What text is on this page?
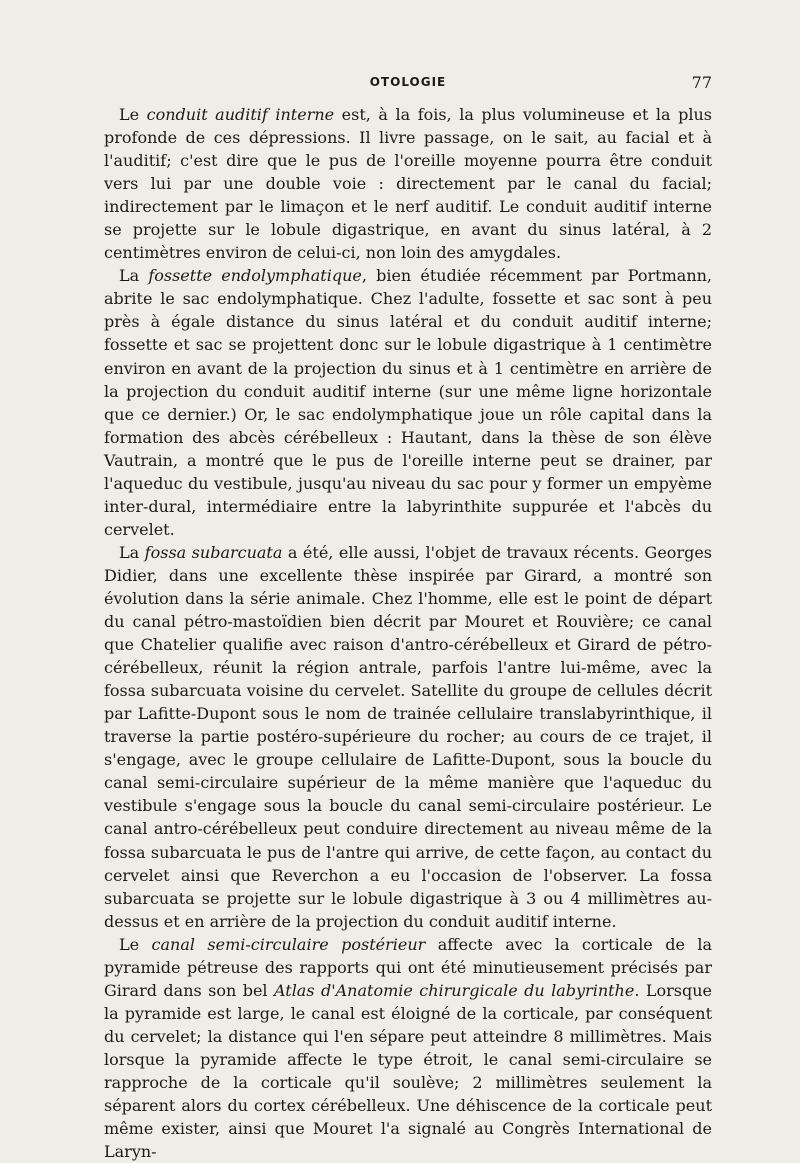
OTOLOGIE	77

Le conduit auditif interne est, à la fois, la plus volumineuse et la plus profonde de ces dépressions. Il livre passage, on le sait, au facial et à l'auditif; c'est dire que le pus de l'oreille moyenne pourra être conduit vers lui par une double voie : directement par le canal du facial; indirectement par le limaçon et le nerf auditif. Le conduit auditif interne se projette sur le lobule digastrique, en avant du sinus latéral, à 2 centimètres environ de celui-ci, non loin des amygdales.

La fossette endolymphatique, bien étudiée récemment par Portmann, abrite le sac endolymphatique. Chez l'adulte, fossette et sac sont à peu près à égale distance du sinus latéral et du conduit auditif interne; fossette et sac se projettent donc sur le lobule digastrique à 1 centimètre environ en avant de la projection du sinus et à 1 centimètre en arrière de la projection du conduit auditif interne (sur une même ligne horizontale que ce dernier.) Or, le sac endolymphatique joue un rôle capital dans la formation des abcès cérébelleux : Hautant, dans la thèse de son élève Vautrain, a montré que le pus de l'oreille interne peut se drainer, par l'aqueduc du vestibule, jusqu'au niveau du sac pour y former un empyème inter-dural, intermédiaire entre la labyrinthite suppurée et l'abcès du cervelet.

La fossa subarcuata a été, elle aussi, l'objet de travaux récents. Georges Didier, dans une excellente thèse inspirée par Girard, a montré son évolution dans la série animale. Chez l'homme, elle est le point de départ du canal pétro-mastoïdien bien décrit par Mouret et Rouvière; ce canal que Chatelier qualifie avec raison d'antro-cérébelleux et Girard de pétro-cérébelleux, réunit la région antrale, parfois l'antre lui-même, avec la fossa subarcuata voisine du cervelet. Satellite du groupe de cellules décrit par Lafitte-Dupont sous le nom de trainée cellulaire translabyrinthique, il traverse la partie postéro-supérieure du rocher; au cours de ce trajet, il s'engage, avec le groupe cellulaire de Lafitte-Dupont, sous la boucle du canal semi-circulaire supérieur de la même manière que l'aqueduc du vestibule s'engage sous la boucle du canal semi-circulaire postérieur. Le canal antro-cérébelleux peut conduire directement au niveau même de la fossa subarcuata le pus de l'antre qui arrive, de cette façon, au contact du cervelet ainsi que Reverchon a eu l'occasion de l'observer. La fossa subarcuata se projette sur le lobule digastrique à 3 ou 4 millimètres au-dessus et en arrière de la projection du conduit auditif interne.

Le canal semi-circulaire postérieur affecte avec la corticale de la pyramide pétreuse des rapports qui ont été minutieusement précisés par Girard dans son bel Atlas d'Anatomie chirurgicale du labyrinthe. Lorsque la pyramide est large, le canal est éloigné de la corticale, par conséquent du cervelet; la distance qui l'en sépare peut atteindre 8 millimètres. Mais lorsque la pyramide affecte le type étroit, le canal semi-circulaire se rapproche de la corticale qu'il soulève; 2 millimètres seulement la séparent alors du cortex cérébelleux. Une déhiscence de la corticale peut même exister, ainsi que Mouret l'a signalé au Congrès International de Laryn-
